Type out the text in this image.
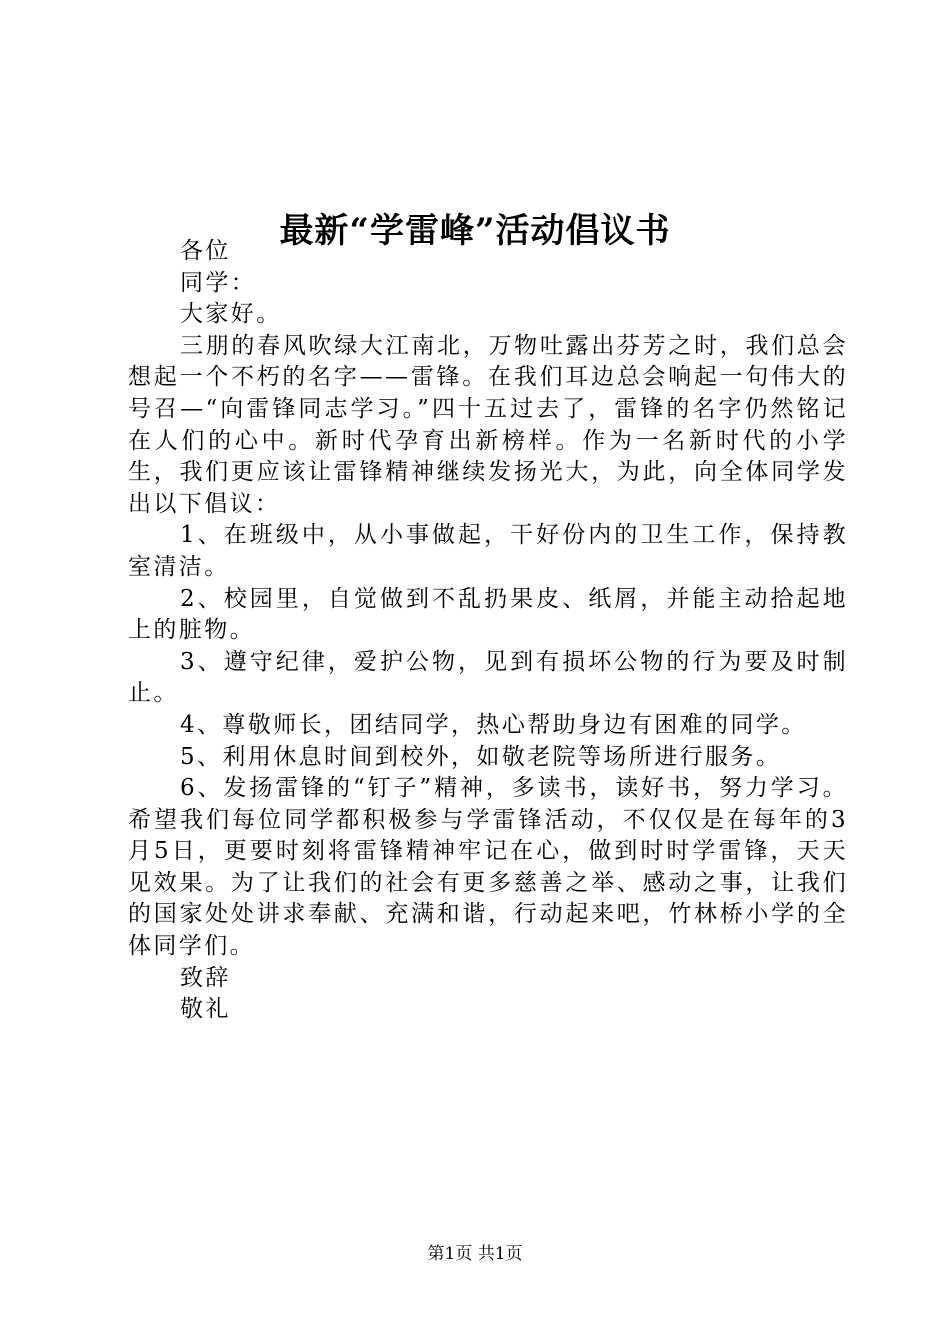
最新“学雷峰”活动倡议书

各位

同学：

大家好。

三朋的春风吹绿大江南北，万物吐露出芬芳之时，我们总会想起一个不朽的名字——雷锋。在我们耳边总会响起一句伟大的号召—“向雷锋同志学习。”四十五过去了，雷锋的名字仍然铭记在人们的心中。新时代孕育出新榜样。作为一名新时代的小学生，我们更应该让雷锋精神继续发扬光大，为此，向全体同学发出以下倡议：

1、在班级中，从小事做起，干好份内的卫生工作，保持教室清洁。

2、校园里，自觉做到不乱扔果皮、纸屑，并能主动拾起地上的脏物。

3、遵守纪律，爱护公物，见到有损坏公物的行为要及时制止。

4、尊敬师长，团结同学，热心帮助身边有困难的同学。

5、利用休息时间到校外，如敬老院等场所进行服务。

6、发扬雷锋的“钉子”精神，多读书，读好书，努力学习。希望我们每位同学都积极参与学雷锋活动，不仅仅是在每年的3月5日，更要时刻将雷锋精神牢记在心，做到时时学雷锋，天天见效果。为了让我们的社会有更多慈善之举、感动之事，让我们的国家处处讲求奉献、充满和谐，行动起来吧，竹林桥小学的全体同学们。

致辞

敬礼

第1页 共1页
